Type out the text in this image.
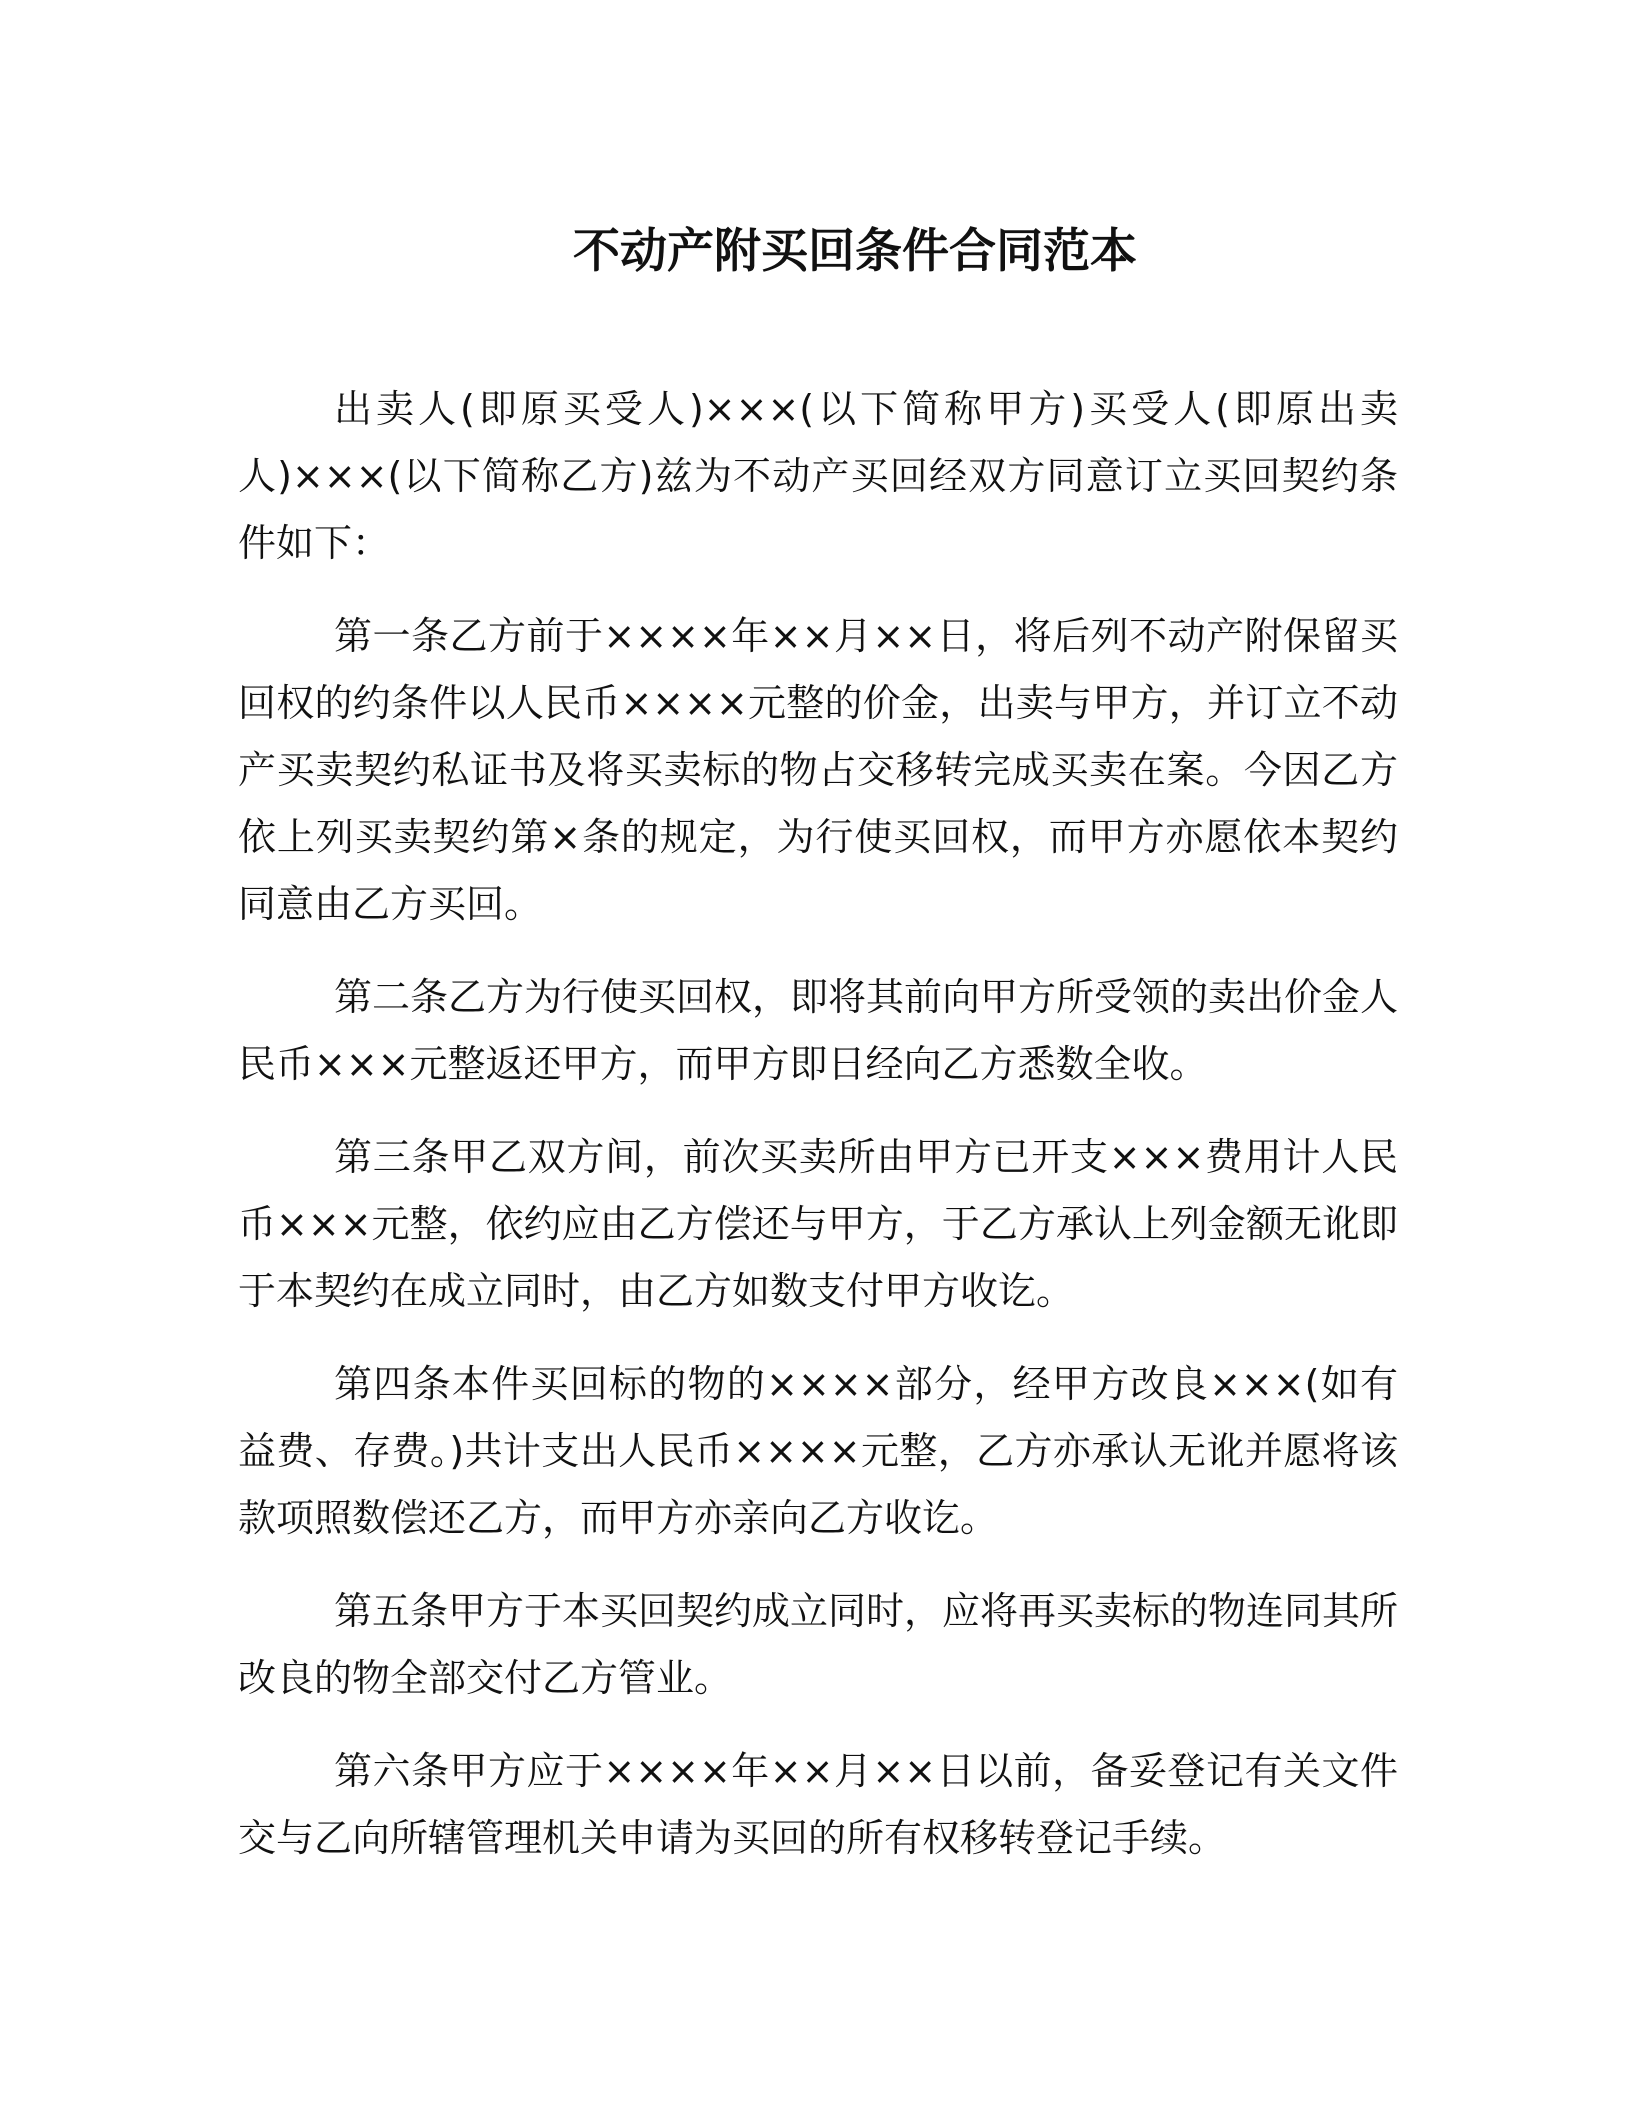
不动产附买回条件合同范本

出卖人(即原买受人)×××(以下简称甲方)买受人(即原出卖人)×××(以下简称乙方)兹为不动产买回经双方同意订立买回契约条件如下：

第一条乙方前于××××年××月××日，将后列不动产附保留买回权的约条件以人民币××××元整的价金，出卖与甲方，并订立不动产买卖契约私证书及将买卖标的物占交移转完成买卖在案。今因乙方依上列买卖契约第×条的规定，为行使买回权，而甲方亦愿依本契约同意由乙方买回。

第二条乙方为行使买回权，即将其前向甲方所受领的卖出价金人民币×××元整返还甲方，而甲方即日经向乙方悉数全收。

第三条甲乙双方间，前次买卖所由甲方已开支×××费用计人民币×××元整，依约应由乙方偿还与甲方，于乙方承认上列金额无讹即于本契约在成立同时，由乙方如数支付甲方收讫。

第四条本件买回标的物的××××部分，经甲方改良×××(如有益费、存费。)共计支出人民币××××元整，乙方亦承认无讹并愿将该款项照数偿还乙方，而甲方亦亲向乙方收讫。

第五条甲方于本买回契约成立同时，应将再买卖标的物连同其所改良的物全部交付乙方管业。

第六条甲方应于××××年××月××日以前，备妥登记有关文件交与乙向所辖管理机关申请为买回的所有权移转登记手续。
